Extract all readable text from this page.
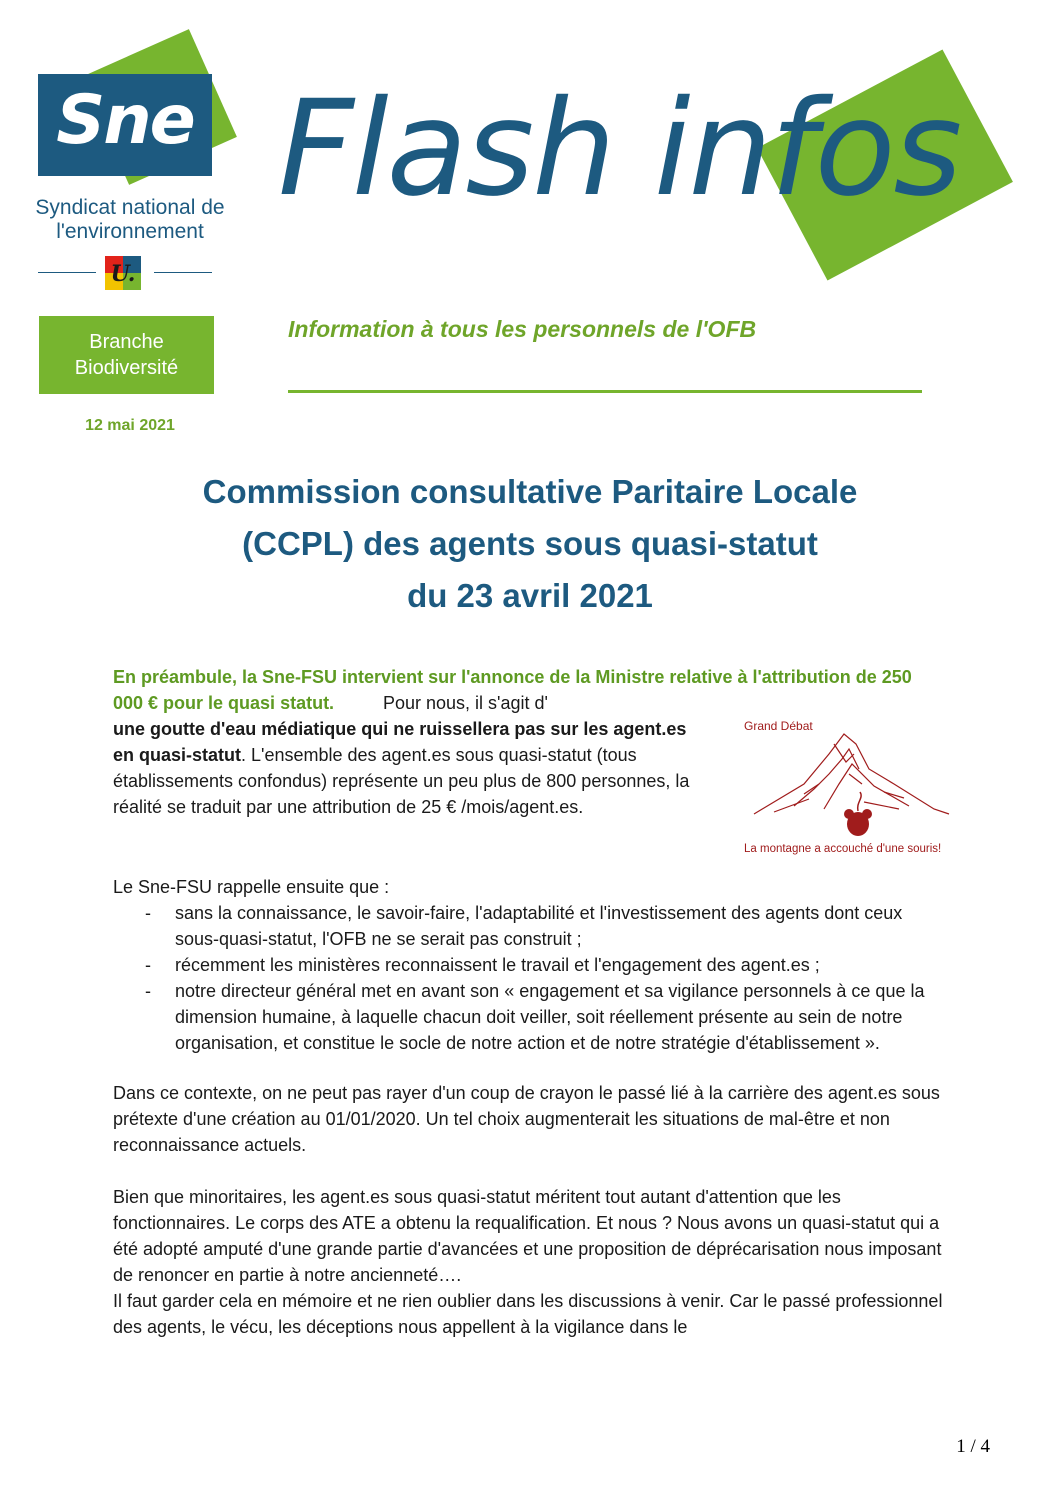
Sne
Syndicat national de
l'environnement
U.
Branche
Biodiversité
12 mai 2021
Flash infos
Information à tous les personnels de l'OFB
Commission consultative Paritaire Locale
(CCPL) des agents sous quasi-statut
du 23 avril 2021
En préambule, la Sne-FSU intervient sur l'annonce de la Ministre relative à l'attribution de 250 000 € pour le quasi statut.	Pour nous, il s'agit d'
une goutte d'eau médiatique qui ne ruissellera pas sur les agent.es en quasi-statut. L'ensemble des agent.es sous quasi-statut (tous établissements confondus) représente un peu plus de 800 personnes, la réalité se traduit par une attribution de 25 € /mois/agent.es.
Grand Débat
La montagne a accouché d'une souris!
Le Sne-FSU rappelle ensuite que :
- sans la connaissance, le savoir-faire, l'adaptabilité et l'investissement des agents dont ceux sous-quasi-statut, l'OFB ne se serait pas construit ;
- récemment les ministères reconnaissent le travail et l'engagement des agent.es ;
- notre directeur général met en avant son « engagement et sa vigilance personnels à ce que la dimension humaine, à laquelle chacun doit veiller, soit réellement présente au sein de notre organisation, et constitue le socle de notre action et de notre stratégie d'établissement ».
Dans ce contexte, on ne peut pas rayer d'un coup de crayon le passé lié à la carrière des agent.es sous prétexte d'une création au 01/01/2020. Un tel choix augmenterait les situations de mal-être et non reconnaissance actuels.
Bien que minoritaires, les agent.es sous quasi-statut méritent tout autant d'attention que les fonctionnaires. Le corps des ATE a obtenu la requalification. Et nous ? Nous avons un quasi-statut qui a été adopté amputé d'une grande partie d'avancées et une proposition de déprécarisation nous imposant de renoncer en partie à notre ancienneté….
Il faut garder cela en mémoire et ne rien oublier dans les discussions à venir. Car le passé professionnel des agents, le vécu, les déceptions nous appellent à la vigilance dans le
1 / 4
